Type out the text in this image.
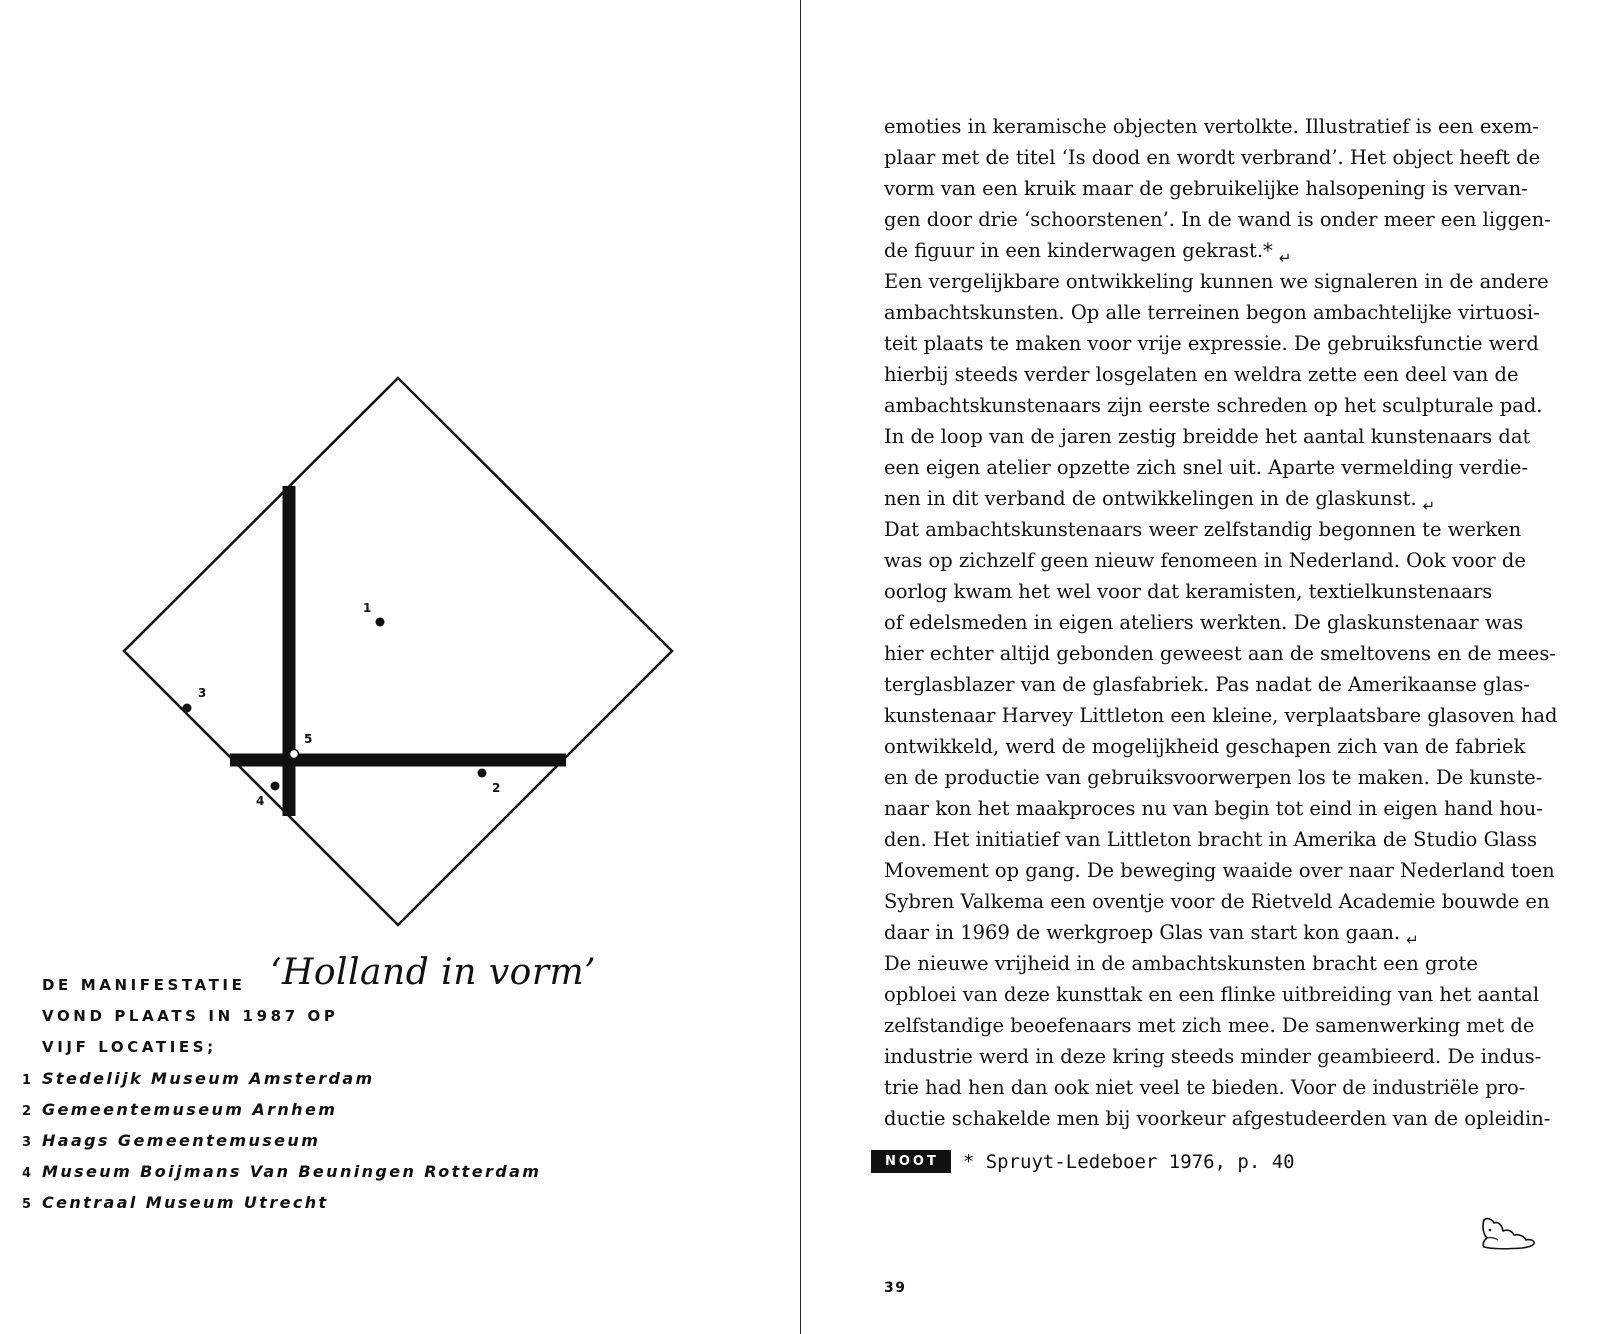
1
2
3
4
5
DE MANIFESTATIE ‘Holland in vorm’
VOND PLAATS IN 1987 OP
VIJF LOCATIES;
1 Stedelijk Museum Amsterdam
2 Gemeentemuseum Arnhem
3 Haags Gemeentemuseum
4 Museum Boijmans Van Beuningen Rotterdam
5 Centraal Museum Utrecht
emoties in keramische objecten vertolkte. Illustratief is een exem-
plaar met de titel ‘Is dood en wordt verbrand’. Het object heeft de
vorm van een kruik maar de gebruikelijke halsopening is vervan-
gen door drie ‘schoorstenen’. In de wand is onder meer een liggen-
de figuur in een kinderwagen gekrast.* $_↵$
Een vergelijkbare ontwikkeling kunnen we signaleren in de andere
ambachtskunsten. Op alle terreinen begon ambachtelijke virtuosi-
teit plaats te maken voor vrije expressie. De gebruiksfunctie werd
hierbij steeds verder losgelaten en weldra zette een deel van de
ambachtskunstenaars zijn eerste schreden op het sculpturale pad.
In de loop van de jaren zestig breidde het aantal kunstenaars dat
een eigen atelier opzette zich snel uit. Aparte vermelding verdie-
nen in dit verband de ontwikkelingen in de glaskunst. $_↵$
Dat ambachtskunstenaars weer zelfstandig begonnen te werken
was op zichzelf geen nieuw fenomeen in Nederland. Ook voor de
oorlog kwam het wel voor dat keramisten, textielkunstenaars
of edelsmeden in eigen ateliers werkten. De glaskunstenaar was
hier echter altijd gebonden geweest aan de smeltovens en de mees-
terglasblazer van de glasfabriek. Pas nadat de Amerikaanse glas-
kunstenaar Harvey Littleton een kleine, verplaatsbare glasoven had
ontwikkeld, werd de mogelijkheid geschapen zich van de fabriek
en de productie van gebruiksvoorwerpen los te maken. De kunste-
naar kon het maakproces nu van begin tot eind in eigen hand hou-
den. Het initiatief van Littleton bracht in Amerika de Studio Glass
Movement op gang. De beweging waaide over naar Nederland toen
Sybren Valkema een oventje voor de Rietveld Academie bouwde en
daar in 1969 de werkgroep Glas van start kon gaan. $_↵$
De nieuwe vrijheid in de ambachtskunsten bracht een grote
opbloei van deze kunsttak en een flinke uitbreiding van het aantal
zelfstandige beoefenaars met zich mee. De samenwerking met de
industrie werd in deze kring steeds minder geambieerd. De indus-
trie had hen dan ook niet veel te bieden. Voor de industriële pro-
ductie schakelde men bij voorkeur afgestudeerden van de opleidin-
NOOT * Spruyt-Ledeboer 1976, p. 40
39
